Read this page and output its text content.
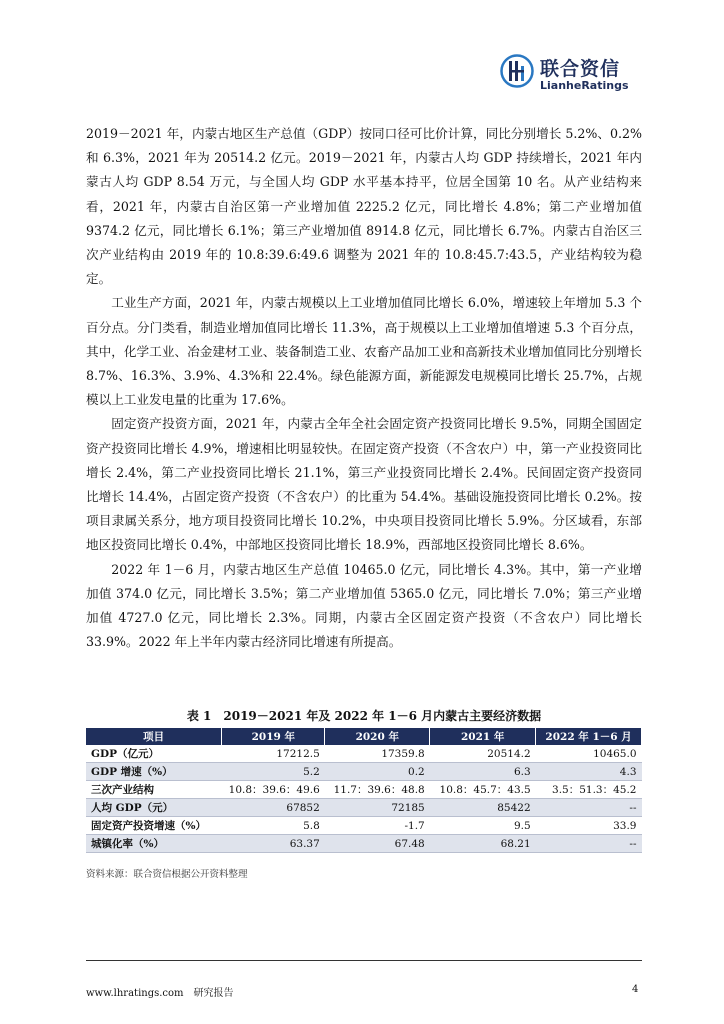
联合资信
LianheRatings

2019－2021 年，内蒙古地区生产总值（GDP）按同口径可比价计算，同比分别增长 5.2%、0.2%和 6.3%，2021 年为 20514.2 亿元。2019－2021 年，内蒙古人均 GDP 持续增长，2021 年内蒙古人均 GDP 8.54 万元，与全国人均 GDP 水平基本持平，位居全国第 10 名。从产业结构来看，2021 年，内蒙古自治区第一产业增加值 2225.2 亿元，同比增长 4.8%；第二产业增加值 9374.2 亿元，同比增长 6.1%；第三产业增加值 8914.8 亿元，同比增长 6.7%。内蒙古自治区三次产业结构由 2019 年的 10.8:39.6:49.6 调整为 2021 年的 10.8:45.7:43.5，产业结构较为稳定。

工业生产方面，2021 年，内蒙古规模以上工业增加值同比增长 6.0%，增速较上年增加 5.3 个百分点。分门类看，制造业增加值同比增长 11.3%，高于规模以上工业增加值增速 5.3 个百分点，其中，化学工业、冶金建材工业、装备制造工业、农畜产品加工业和高新技术业增加值同比分别增长 8.7%、16.3%、3.9%、4.3%和 22.4%。绿色能源方面，新能源发电规模同比增长 25.7%，占规模以上工业发电量的比重为 17.6%。

固定资产投资方面，2021 年，内蒙古全年全社会固定资产投资同比增长 9.5%，同期全国固定资产投资同比增长 4.9%，增速相比明显较快。在固定资产投资（不含农户）中，第一产业投资同比增长 2.4%，第二产业投资同比增长 21.1%，第三产业投资同比增长 2.4%。民间固定资产投资同比增长 14.4%，占固定资产投资（不含农户）的比重为 54.4%。基础设施投资同比增长 0.2%。按项目隶属关系分，地方项目投资同比增长 10.2%，中央项目投资同比增长 5.9%。分区域看，东部地区投资同比增长 0.4%，中部地区投资同比增长 18.9%，西部地区投资同比增长 8.6%。

2022 年 1－6 月，内蒙古地区生产总值 10465.0 亿元，同比增长 4.3%。其中，第一产业增加值 374.0 亿元，同比增长 3.5%；第二产业增加值 5365.0 亿元，同比增长 7.0%；第三产业增加值 4727.0 亿元，同比增长 2.3%。同期，内蒙古全区固定资产投资（不含农户）同比增长 33.9%。2022 年上半年内蒙古经济同比增速有所提高。

表 1　2019－2021 年及 2022 年 1－6 月内蒙古主要经济数据
项目	2019 年	2020 年	2021 年	2022 年 1－6 月
GDP（亿元）	17212.5	17359.8	20514.2	10465.0
GDP 增速（%）	5.2	0.2	6.3	4.3
三次产业结构	10.8：39.6：49.6	11.7：39.6：48.8	10.8：45.7：43.5	3.5：51.3：45.2
人均 GDP（元）	67852	72185	85422	--
固定资产投资增速（%）	5.8	-1.7	9.5	33.9
城镇化率（%）	63.37	67.48	68.21	--
资料来源：联合资信根据公开资料整理
www.lhratings.com　研究报告	4
